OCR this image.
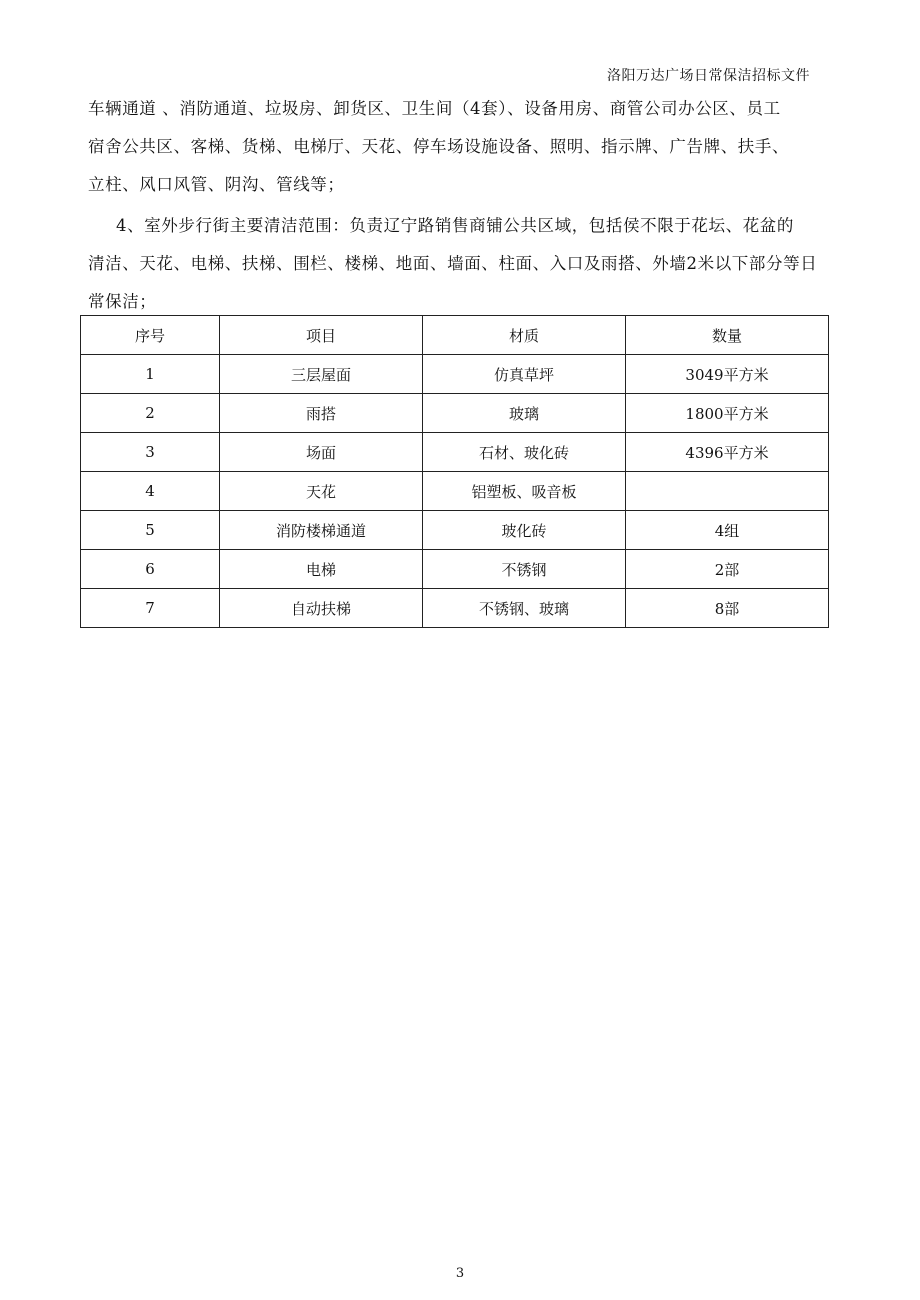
洛阳万达广场日常保洁招标文件
车辆通道 、消防通道、垃圾房、卸货区、卫生间（4套）、设备用房、商管公司办公区、员工
宿舍公共区、客梯、货梯、电梯厅、天花、停车场设施设备、照明、指示牌、广告牌、扶手、
立柱、风口风管、阴沟、管线等；
4、室外步行街主要清洁范围：负责辽宁路销售商铺公共区域，包括侯不限于花坛、花盆的
清洁、天花、电梯、扶梯、围栏、楼梯、地面、墙面、柱面、入口及雨搭、外墙2米以下部分等日
常保洁；
序号	项目	材质	数量
1	三层屋面	仿真草坪	3049平方米
2	雨搭	玻璃	1800平方米
3	场面	石材、玻化砖	4396平方米
4	天花	铝塑板、吸音板	
5	消防楼梯通道	玻化砖	4组
6	电梯	不锈钢	2部
7	自动扶梯	不锈钢、玻璃	8部
3
